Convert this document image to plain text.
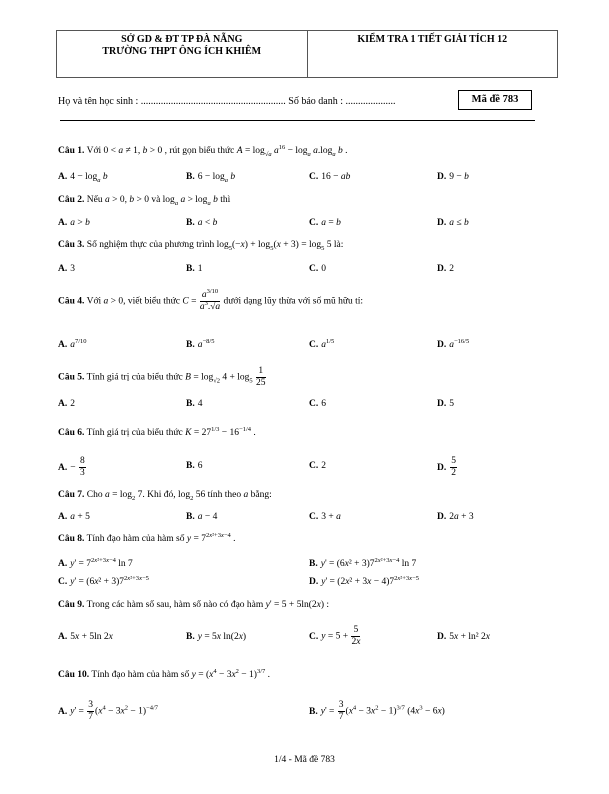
SỞ GD & ĐT TP ĐÀ NẴNG
TRƯỜNG THPT ÔNG ÍCH KHIÊM
KIỂM TRA 1 TIẾT GIẢI TÍCH 12
Họ và tên học sinh : .......................................................... Số báo danh : ....................	Mã đề 783
Câu 1. Với 0 < a ≠ 1, b > 0 , rút gọn biểu thức $A = \log_{√a} a^{16} - \log_a a.\log_a$ b .
A. $4 - \log_a b$	B. $6 - \log_a b$	C. 16 − ab	D. 9 − b
Câu 2. Nếu a > 0, b > 0 và $\log_a a > \log_a b$ thì
A. a > b	B. a < b	C. a = b	D. a ≤ b
Câu 3. Số nghiệm thực của phương trình $\log_5(-x) + \log_5(x + 3) = \log_5 5$ là:
A. 3	B. 1	C. 0	D. 2
Câu 4. Với a > 0, viết biểu thức $C = \frac{a^{3/10}}{a^3.√a}$ dưới dạng lũy thừa với số mũ hữu tỉ:
A. $a^{7/10}$	B. $a^{-8/5}$	C. $a^{1/5}$	D. $a^{-16/5}$
Câu 5. Tính giá trị của biểu thức $B = \log_{√2} 4 + \log_5 \frac{1}{25}$
A. 2	B. 4	C. 6	D. 5
Câu 6. Tính giá trị của biểu thức $K = 27^{1/3} - 16^{-1/4}$ .
A. − $\frac{8}{3}$	B. 6	C. 2	D. $\frac{5}{2}$
Câu 7. Cho $a = \log_2 7$. Khi đó, $\log_2 56$ tính theo a bằng:
A. a + 5	B. a − 4	C. 3 + a	D. 2a + 3
Câu 8. Tính đạo hàm của hàm số $y = 7^{2x^2+3x-4}$ .
A. $y' = 7^{2x^2+3x-4}$ ln 7	B. $y' = (6x^2 + 3)7^{2x^2+3x-4}$ ln 7
C. $y' = (6x^2 + 3)7^{2x^2+3x-5}$	D. $y' = (2x^2 + 3x - 4)7^{2x^2+3x-5}$
Câu 9. Trong các hàm số sau, hàm số nào có đạo hàm y' = 5 + 5ln(2x) :
A. 5x + 5ln 2x	B. y = 5x ln(2x)	C. $y = 5 + \frac{5}{2x}$	D. 5x + ln² 2x
Câu 10. Tính đạo hàm của hàm số $y = (x^4 - 3x^2 - 1)^{3/7}$ .
A. $y' = \frac{3}{7} (x^4 - 3x^2 - 1)^{-4/7}$	B. $y' = \frac{3}{7} (x^4 - 3x^2 - 1)^{3/7}$ $(4x^3 - 6x)$
1/4 - Mã đề 783
